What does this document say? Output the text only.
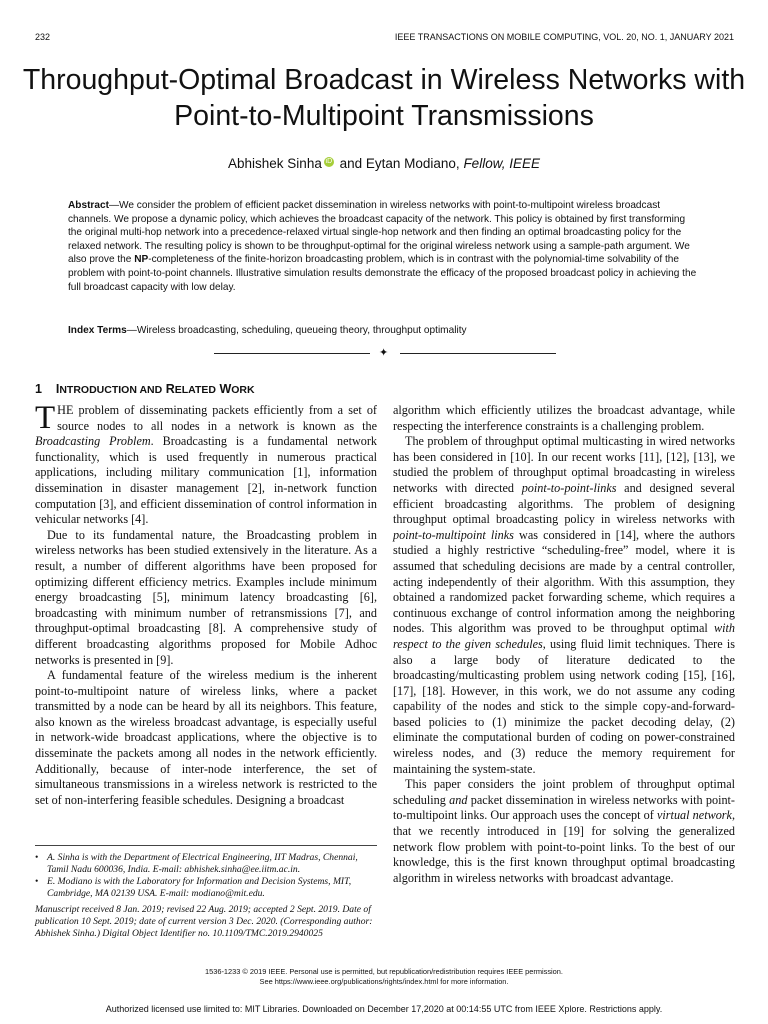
232	IEEE TRANSACTIONS ON MOBILE COMPUTING, VOL. 20, NO. 1, JANUARY 2021
Throughput-Optimal Broadcast in Wireless Networks with Point-to-Multipoint Transmissions
Abhishek Sinha iD and Eytan Modiano, Fellow, IEEE

Abstract—We consider the problem of efficient packet dissemination in wireless networks with point-to-multipoint wireless broadcast channels. We propose a dynamic policy, which achieves the broadcast capacity of the network. This policy is obtained by first transforming the original multi-hop network into a precedence-relaxed virtual single-hop network and then finding an optimal broadcasting policy for the relaxed network. The resulting policy is shown to be throughput-optimal for the original wireless network using a sample-path argument. We also prove the NP-completeness of the finite-horizon broadcasting problem, which is in contrast with the polynomial-time solvability of the problem with point-to-point channels. Illustrative simulation results demonstrate the efficacy of the proposed broadcast policy in achieving the full broadcast capacity with low delay.

Index Terms—Wireless broadcasting, scheduling, queueing theory, throughput optimality

✦
1 INTRODUCTION AND RELATED WORK

THE problem of disseminating packets efficiently from a set of source nodes to all nodes in a network is known as the Broadcasting Problem. Broadcasting is a fundamental network functionality, which is used frequently in numerous practical applications, including military communication [1], information dissemination in disaster management [2], in-network function computation [3], and efficient dissemination of control information in vehicular networks [4].

Due to its fundamental nature, the Broadcasting problem in wireless networks has been studied extensively in the literature. As a result, a number of different algorithms have been proposed for optimizing different efficiency metrics. Examples include minimum energy broadcasting [5], minimum latency broadcasting [6], broadcasting with minimum number of retransmissions [7], and throughput-optimal broadcasting [8]. A comprehensive study of different broadcasting algorithms proposed for Mobile Adhoc networks is presented in [9].

A fundamental feature of the wireless medium is the inherent point-to-multipoint nature of wireless links, where a packet transmitted by a node can be heard by all its neighbors. This feature, also known as the wireless broadcast advantage, is especially useful in network-wide broadcast applications, where the objective is to disseminate the packets among all nodes in the network efficiently. Additionally, because of inter-node interference, the set of simultaneous transmissions in a wireless network is restricted to the set of non-interfering feasible schedules. Designing a broadcast

algorithm which efficiently utilizes the broadcast advantage, while respecting the interference constraints is a challenging problem.

The problem of throughput optimal multicasting in wired networks has been considered in [10]. In our recent works [11], [12], [13], we studied the problem of throughput optimal broadcasting in wireless networks with directed point-to-point-links and designed several efficient broadcasting algorithms. The problem of designing throughput optimal broadcasting policy in wireless networks with point-to-multipoint links was considered in [14], where the authors studied a highly restrictive “scheduling-free” model, where it is assumed that scheduling decisions are made by a central controller, acting independently of their algorithm. With this assumption, they obtained a randomized packet forwarding scheme, which requires a continuous exchange of control information among the neighboring nodes. This algorithm was proved to be throughput optimal with respect to the given schedules, using fluid limit techniques. There is also a large body of literature dedicated to the broadcasting/multicasting problem using network coding [15], [16], [17], [18]. However, in this work, we do not assume any coding capability of the nodes and stick to the simple copy-and-forward-based policies to (1) minimize the packet decoding delay, (2) eliminate the computational burden of coding on power-constrained wireless nodes, and (3) reduce the memory requirement for maintaining the system-state.

This paper considers the joint problem of throughput optimal scheduling and packet dissemination in wireless networks with point-to-multipoint links. Our approach uses the concept of virtual network, that we recently introduced in [19] for solving the generalized network flow problem with point-to-point links. To the best of our knowledge, this is the first known throughput optimal broadcasting algorithm in wireless networks with broadcast advantage.

• A. Sinha is with the Department of Electrical Engineering, IIT Madras, Chennai, Tamil Nadu 600036, India. E-mail: abhishek.sinha@ee.iitm.ac.in.
• E. Modiano is with the Laboratory for Information and Decision Systems, MIT, Cambridge, MA 02139 USA. E-mail: modiano@mit.edu.

Manuscript received 8 Jan. 2019; revised 22 Aug. 2019; accepted 2 Sept. 2019. Date of publication 10 Sept. 2019; date of current version 3 Dec. 2020. (Corresponding author: Abhishek Sinha.) Digital Object Identifier no. 10.1109/TMC.2019.2940025

1536-1233 © 2019 IEEE. Personal use is permitted, but republication/redistribution requires IEEE permission.
See https://www.ieee.org/publications/rights/index.html for more information.
Authorized licensed use limited to: MIT Libraries. Downloaded on December 17,2020 at 00:14:55 UTC from IEEE Xplore. Restrictions apply.
